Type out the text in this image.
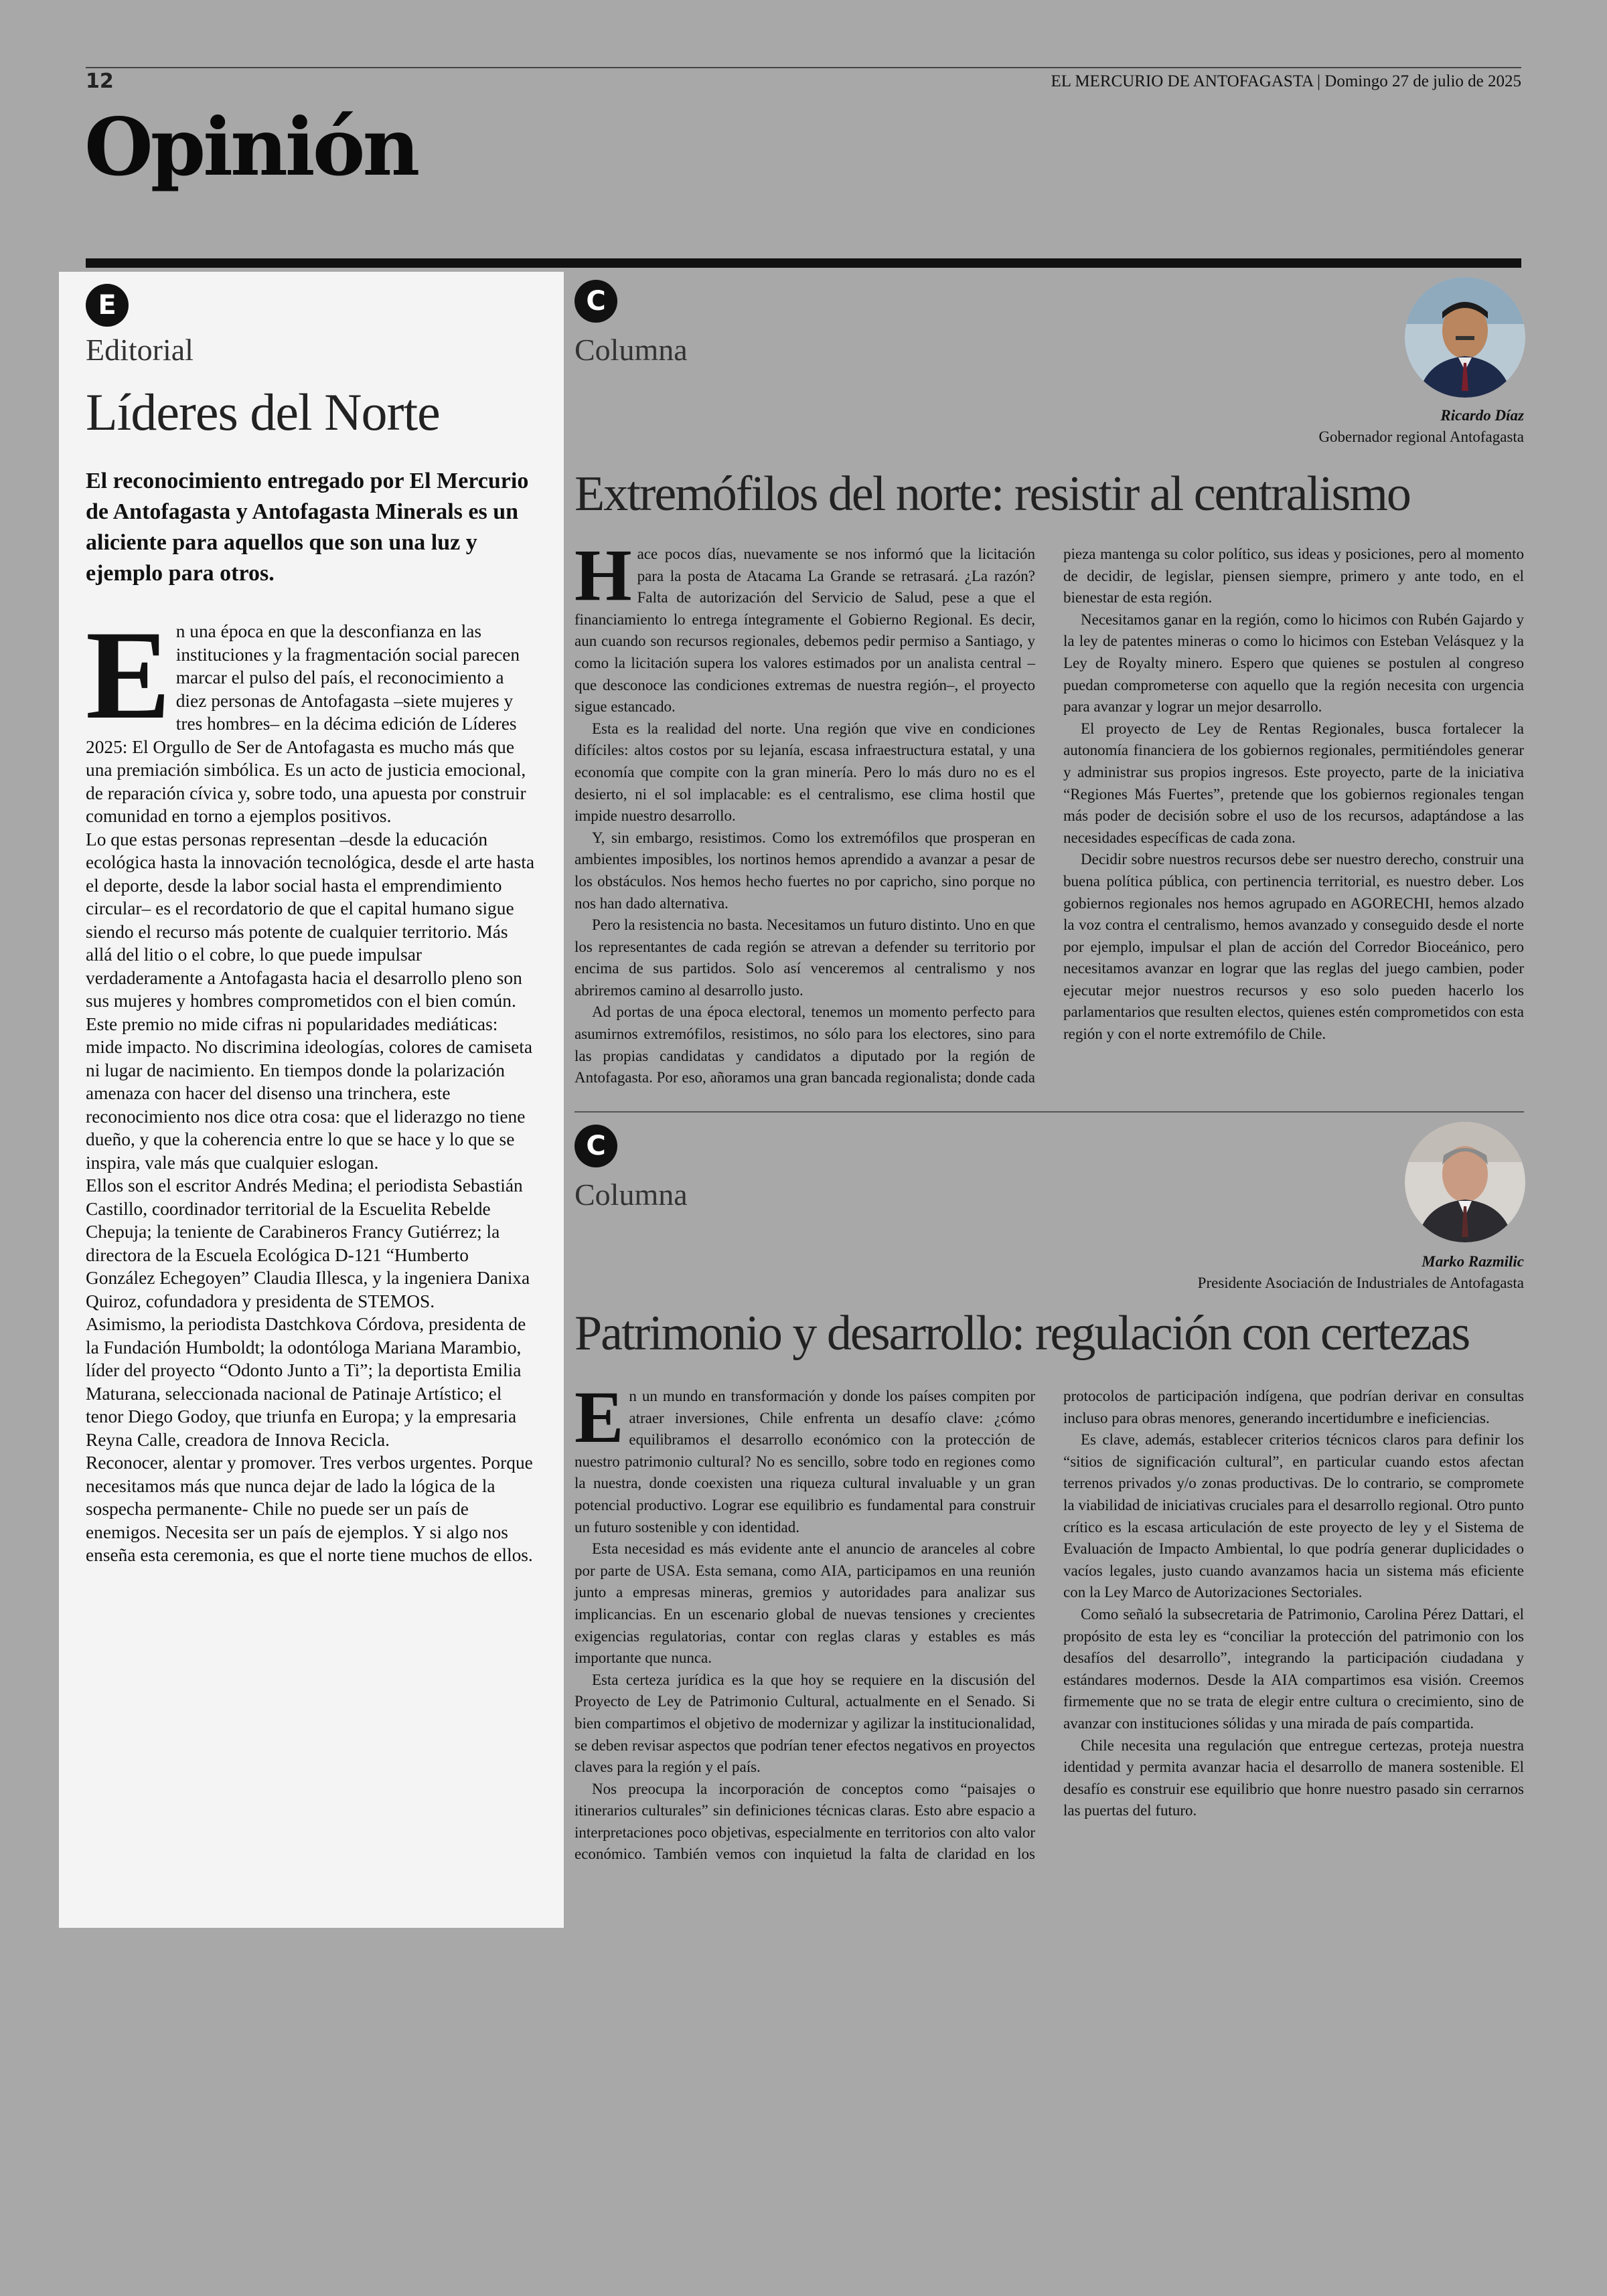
12	EL MERCURIO DE ANTOFAGASTA | Domingo 27 de julio de 2025
Opinión
E
Editorial
Líderes del Norte
El reconocimiento entregado por El Mercurio de Antofagasta y Antofagasta Minerals es un aliciente para aquellos que son una luz y ejemplo para otros.

En una época en que la desconfianza en las instituciones y la fragmentación social parecen marcar el pulso del país, el reconocimiento a diez personas de Antofagasta –siete mujeres y tres hombres– en la décima edición de Líderes 2025: El Orgullo de Ser de Antofagasta es mucho más que una premiación simbólica. Es un acto de justicia emocional, de reparación cívica y, sobre todo, una apuesta por construir comunidad en torno a ejemplos positivos.

Lo que estas personas representan –desde la educación ecológica hasta la innovación tecnológica, desde el arte hasta el deporte, desde la labor social hasta el emprendimiento circular– es el recordatorio de que el capital humano sigue siendo el recurso más potente de cualquier territorio. Más allá del litio o el cobre, lo que puede impulsar verdaderamente a Antofagasta hacia el desarrollo pleno son sus mujeres y hombres comprometidos con el bien común.

Este premio no mide cifras ni popularidades mediáticas: mide impacto. No discrimina ideologías, colores de camiseta ni lugar de nacimiento. En tiempos donde la polarización amenaza con hacer del disenso una trinchera, este reconocimiento nos dice otra cosa: que el liderazgo no tiene dueño, y que la coherencia entre lo que se hace y lo que se inspira, vale más que cualquier eslogan.

Ellos son el escritor Andrés Medina; el periodista Sebastián Castillo, coordinador territorial de la Escuelita Rebelde Chepuja; la teniente de Carabineros Francy Gutiérrez; la directora de la Escuela Ecológica D-121 “Humberto González Echegoyen” Claudia Illesca, y la ingeniera Danixa Quiroz, cofundadora y presidenta de STEMOS.

Asimismo, la periodista Dastchkova Córdova, presidenta de la Fundación Humboldt; la odontóloga Mariana Marambio, líder del proyecto “Odonto Junto a Ti”; la deportista Emilia Maturana, seleccionada nacional de Patinaje Artístico; el tenor Diego Godoy, que triunfa en Europa; y la empresaria Reyna Calle, creadora de Innova Recicla.

Reconocer, alentar y promover. Tres verbos urgentes. Porque necesitamos más que nunca dejar de lado la lógica de la sospecha permanente- Chile no puede ser un país de enemigos. Necesita ser un país de ejemplos. Y si algo nos enseña esta ceremonia, es que el norte tiene muchos de ellos.

C
Columna
Ricardo Díaz
Gobernador regional Antofagasta
Extremófilos del norte: resistir al centralismo

Hace pocos días, nuevamente se nos informó que la licitación para la posta de Atacama La Grande se retrasará. ¿La razón? Falta de autorización del Servicio de Salud, pese a que el financiamiento lo entrega íntegramente el Gobierno Regional. Es decir, aun cuando son recursos regionales, debemos pedir permiso a Santiago, y como la licitación supera los valores estimados por un analista central –que desconoce las condiciones extremas de nuestra región–, el proyecto sigue estancado.

Esta es la realidad del norte. Una región que vive en condiciones difíciles: altos costos por su lejanía, escasa infraestructura estatal, y una economía que compite con la gran minería. Pero lo más duro no es el desierto, ni el sol implacable: es el centralismo, ese clima hostil que impide nuestro desarrollo.

Y, sin embargo, resistimos. Como los extremófilos que prosperan en ambientes imposibles, los nortinos hemos aprendido a avanzar a pesar de los obstáculos. Nos hemos hecho fuertes no por capricho, sino porque no nos han dado alternativa.

Pero la resistencia no basta. Necesitamos un futuro distinto. Uno en que los representantes de cada región se atrevan a defender su territorio por encima de sus partidos. Solo así venceremos al centralismo y nos abriremos camino al desarrollo justo.

Ad portas de una época electoral, tenemos un momento perfecto para asumirnos extremófilos, resistimos, no sólo para los electores, sino para las propias candidatas y candidatos a diputado por la región de Antofagasta. Por eso, añoramos una gran bancada regionalista; donde cada pieza mantenga su color político, sus ideas y posiciones, pero al momento de decidir, de legislar, piensen siempre, primero y ante todo, en el bienestar de esta región.

Necesitamos ganar en la región, como lo hicimos con Rubén Gajardo y la ley de patentes mineras o como lo hicimos con Esteban Velásquez y la Ley de Royalty minero. Espero que quienes se postulen al congreso puedan comprometerse con aquello que la región necesita con urgencia para avanzar y lograr un mejor desarrollo.

El proyecto de Ley de Rentas Regionales, busca fortalecer la autonomía financiera de los gobiernos regionales, permitiéndoles generar y administrar sus propios ingresos. Este proyecto, parte de la iniciativa “Regiones Más Fuertes”, pretende que los gobiernos regionales tengan más poder de decisión sobre el uso de los recursos, adaptándose a las necesidades específicas de cada zona.

Decidir sobre nuestros recursos debe ser nuestro derecho, construir una buena política pública, con pertinencia territorial, es nuestro deber. Los gobiernos regionales nos hemos agrupado en AGORECHI, hemos alzado la voz contra el centralismo, hemos avanzado y conseguido desde el norte por ejemplo, impulsar el plan de acción del Corredor Bioceánico, pero necesitamos avanzar en lograr que las reglas del juego cambien, poder ejecutar mejor nuestros recursos y eso solo pueden hacerlo los parlamentarios que resulten electos, quienes estén comprometidos con esta región y con el norte extremófilo de Chile.

C
Columna
Marko Razmilic
Presidente Asociación de Industriales de Antofagasta
Patrimonio y desarrollo: regulación con certezas

En un mundo en transformación y donde los países compiten por atraer inversiones, Chile enfrenta un desafío clave: ¿cómo equilibramos el desarrollo económico con la protección de nuestro patrimonio cultural? No es sencillo, sobre todo en regiones como la nuestra, donde coexisten una riqueza cultural invaluable y un gran potencial productivo. Lograr ese equilibrio es fundamental para construir un futuro sostenible y con identidad.

Esta necesidad es más evidente ante el anuncio de aranceles al cobre por parte de USA. Esta semana, como AIA, participamos en una reunión junto a empresas mineras, gremios y autoridades para analizar sus implicancias. En un escenario global de nuevas tensiones y crecientes exigencias regulatorias, contar con reglas claras y estables es más importante que nunca.

Esta certeza jurídica es la que hoy se requiere en la discusión del Proyecto de Ley de Patrimonio Cultural, actualmente en el Senado. Si bien compartimos el objetivo de modernizar y agilizar la institucionalidad, se deben revisar aspectos que podrían tener efectos negativos en proyectos claves para la región y el país.

Nos preocupa la incorporación de conceptos como “paisajes o itinerarios culturales” sin definiciones técnicas claras. Esto abre espacio a interpretaciones poco objetivas, especialmente en territorios con alto valor económico. También vemos con inquietud la falta de claridad en los protocolos de participación indígena, que podrían derivar en consultas incluso para obras menores, generando incertidumbre e ineficiencias.

Es clave, además, establecer criterios técnicos claros para definir los “sitios de significación cultural”, en particular cuando estos afectan terrenos privados y/o zonas productivas. De lo contrario, se compromete la viabilidad de iniciativas cruciales para el desarrollo regional. Otro punto crítico es la escasa articulación de este proyecto de ley y el Sistema de Evaluación de Impacto Ambiental, lo que podría generar duplicidades o vacíos legales, justo cuando avanzamos hacia un sistema más eficiente con la Ley Marco de Autorizaciones Sectoriales.

Como señaló la subsecretaria de Patrimonio, Carolina Pérez Dattari, el propósito de esta ley es “conciliar la protección del patrimonio con los desafíos del desarrollo”, integrando la participación ciudadana y estándares modernos. Desde la AIA compartimos esa visión. Creemos firmemente que no se trata de elegir entre cultura o crecimiento, sino de avanzar con instituciones sólidas y una mirada de país compartida.

Chile necesita una regulación que entregue certezas, proteja nuestra identidad y permita avanzar hacia el desarrollo de manera sostenible. El desafío es construir ese equilibrio que honre nuestro pasado sin cerrarnos las puertas del futuro.
